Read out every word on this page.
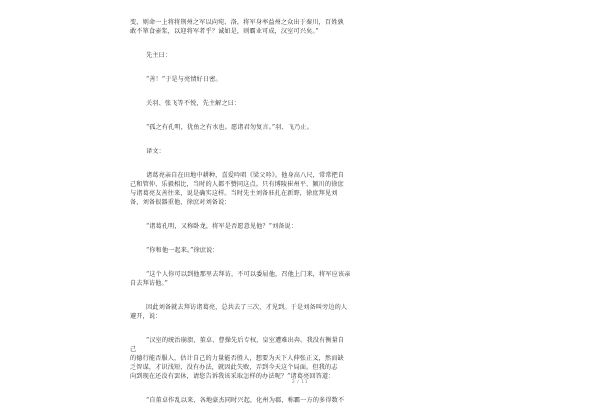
变，则命一上将将荆州之军以向宛、洛，将军身率益州之众出于秦川，百姓孰
敢不箪食壶浆，以迎将军者乎？诚如是，则霸业可成，汉室可兴矣。”
先主曰：
“善！”于是与亮情好日密。
关羽、张飞等不悦，先主解之曰：
“孤之有孔明，犹鱼之有水也。愿诸君勿复言。”羽、飞乃止。
译文：
诸葛亮亲自在田地中耕种，喜爱吟唱《梁父吟》。他身高八尺，常常把自
己和管仲、乐毅相比，当时的人都不赞同这点。只有博陵崔州平、颍川的徐庶
与诸葛亮友善往来，说是确实这样。当时先主刘备驻扎在新野，徐庶拜见刘
备，刘备很器重他，徐庶对刘备说：
“诸葛孔明，又称卧龙，将军是否愿意见他？”刘备说：
“你和他一起来。”徐庶说：
“这个人你可以到他那里去拜访，不可以委屈他，召他上门来，将军应该亲
自去拜访他。”
因此刘备就去拜访诸葛亮，总共去了三次，才见到。于是刘备叫旁边的人
避开，说：
“汉室的统治崩溃，董卓、曹操先后专权，皇室遭难出奔。我没有衡量自
己
的德行能否服人，估计自己的力量能否胜人，想要为天下人伸张正义，然而缺
乏智谋，才识浅短，没有办法，就因此失败，弄到今天这个局面。但我的志
向到现在还没有罢休，请您告诉我该采取怎样的办法呢？”诸葛亮回答道：
“自董卓作乱以来，各地豪杰同时兴起，化州为郡，称霸一方的多得数不
2 / 11
